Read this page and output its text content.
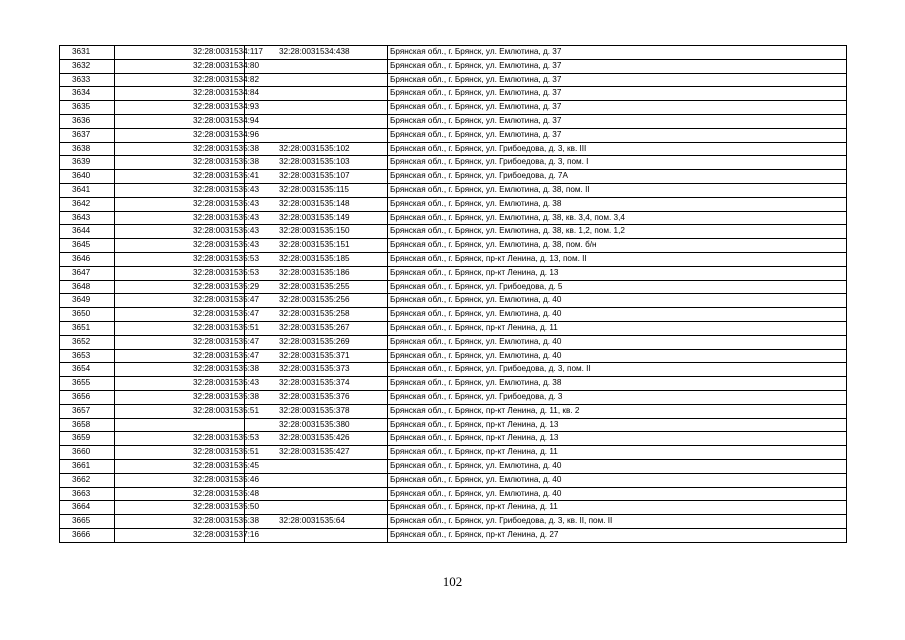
3631	32:28:0031534:117	32:28:0031534:438	Брянская обл., г. Брянск, ул. Емлютина, д. 37
3632	32:28:0031534:80		Брянская обл., г. Брянск, ул. Емлютина, д. 37
3633	32:28:0031534:82		Брянская обл., г. Брянск, ул. Емлютина, д. 37
3634	32:28:0031534:84		Брянская обл., г. Брянск, ул. Емлютина, д. 37
3635	32:28:0031534:93		Брянская обл., г. Брянск, ул. Емлютина, д. 37
3636	32:28:0031534:94		Брянская обл., г. Брянск, ул. Емлютина, д. 37
3637	32:28:0031534:96		Брянская обл., г. Брянск, ул. Емлютина, д. 37
3638	32:28:0031535:38	32:28:0031535:102	Брянская обл., г. Брянск, ул. Грибоедова, д. 3, кв. III
3639	32:28:0031535:38	32:28:0031535:103	Брянская обл., г. Брянск, ул. Грибоедова, д. 3, пом. I
3640	32:28:0031535:41	32:28:0031535:107	Брянская обл., г. Брянск, ул. Грибоедова, д. 7А
3641	32:28:0031535:43	32:28:0031535:115	Брянская обл., г. Брянск, ул. Емлютина, д. 38, пом. II
3642	32:28:0031535:43	32:28:0031535:148	Брянская обл., г. Брянск, ул. Емлютина, д. 38
3643	32:28:0031535:43	32:28:0031535:149	Брянская обл., г. Брянск, ул. Емлютина, д. 38, кв. 3,4, пом. 3,4
3644	32:28:0031535:43	32:28:0031535:150	Брянская обл., г. Брянск, ул. Емлютина, д. 38, кв. 1,2, пом. 1,2
3645	32:28:0031535:43	32:28:0031535:151	Брянская обл., г. Брянск, ул. Емлютина, д. 38, пом. б/н
3646	32:28:0031535:53	32:28:0031535:185	Брянская обл., г. Брянск, пр-кт Ленина, д. 13, пом. II
3647	32:28:0031535:53	32:28:0031535:186	Брянская обл., г. Брянск, пр-кт Ленина, д. 13
3648	32:28:0031535:29	32:28:0031535:255	Брянская обл., г. Брянск, ул. Грибоедова, д. 5
3649	32:28:0031535:47	32:28:0031535:256	Брянская обл., г. Брянск, ул. Емлютина, д. 40
3650	32:28:0031535:47	32:28:0031535:258	Брянская обл., г. Брянск, ул. Емлютина, д. 40
3651	32:28:0031535:51	32:28:0031535:267	Брянская обл., г. Брянск, пр-кт Ленина, д. 11
3652	32:28:0031535:47	32:28:0031535:269	Брянская обл., г. Брянск, ул. Емлютина, д. 40
3653	32:28:0031535:47	32:28:0031535:371	Брянская обл., г. Брянск, ул. Емлютина, д. 40
3654	32:28:0031535:38	32:28:0031535:373	Брянская обл., г. Брянск, ул. Грибоедова, д. 3, пом. II
3655	32:28:0031535:43	32:28:0031535:374	Брянская обл., г. Брянск, ул. Емлютина, д. 38
3656	32:28:0031535:38	32:28:0031535:376	Брянская обл., г. Брянск, ул. Грибоедова, д. 3
3657	32:28:0031535:51	32:28:0031535:378	Брянская обл., г. Брянск, пр-кт Ленина, д. 11, кв. 2
3658		32:28:0031535:380	Брянская обл., г. Брянск, пр-кт Ленина, д. 13
3659	32:28:0031535:53	32:28:0031535:426	Брянская обл., г. Брянск, пр-кт Ленина, д. 13
3660	32:28:0031535:51	32:28:0031535:427	Брянская обл., г. Брянск, пр-кт Ленина, д. 11
3661	32:28:0031535:45		Брянская обл., г. Брянск, ул. Емлютина, д. 40
3662	32:28:0031535:46		Брянская обл., г. Брянск, ул. Емлютина, д. 40
3663	32:28:0031535:48		Брянская обл., г. Брянск, ул. Емлютина, д. 40
3664	32:28:0031535:50		Брянская обл., г. Брянск, пр-кт Ленина, д. 11
3665	32:28:0031535:38	32:28:0031535:64	Брянская обл., г. Брянск, ул. Грибоедова, д. 3, кв. II, пом. II
3666	32:28:0031537:16		Брянская обл., г. Брянск, пр-кт Ленина, д. 27
102
